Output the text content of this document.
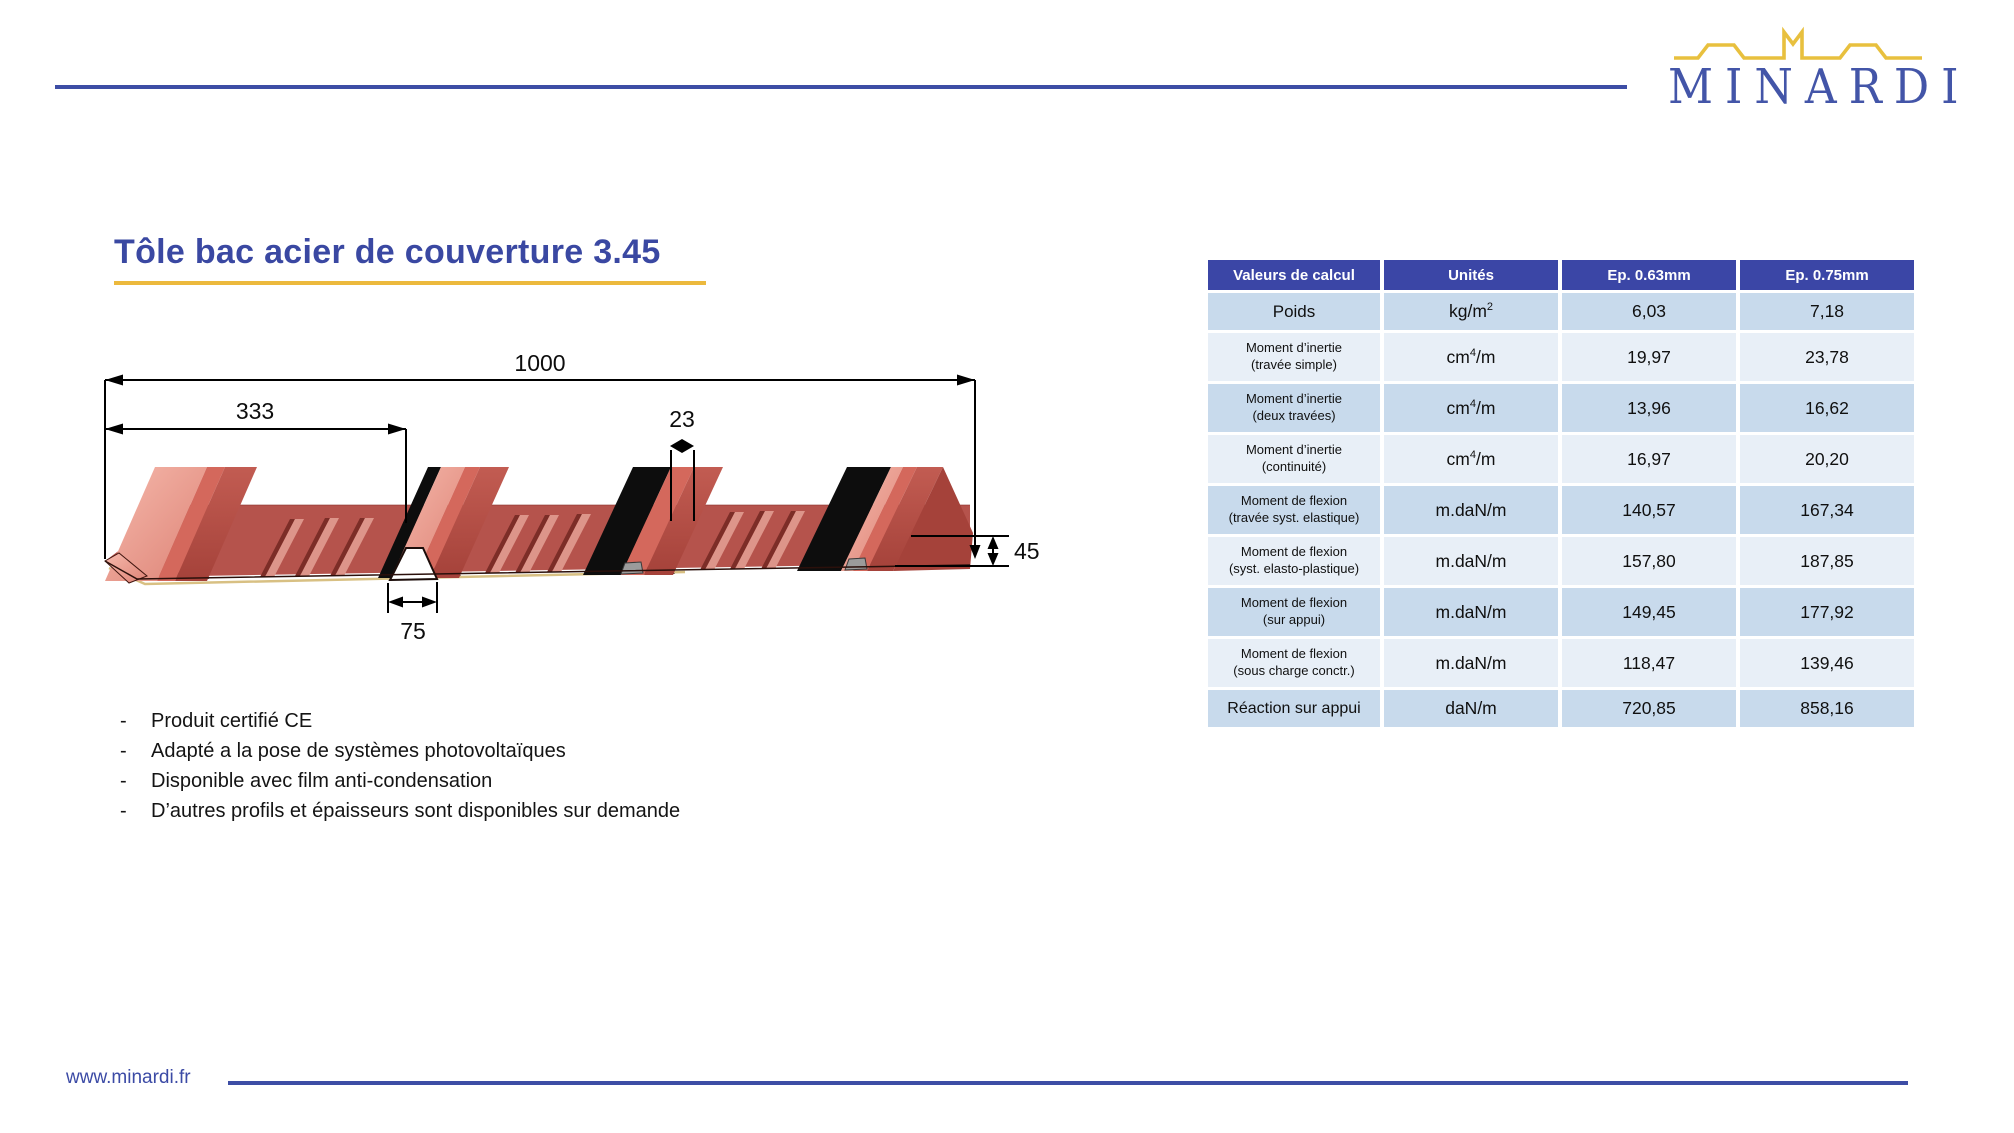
MINARDI
Tôle bac acier de couverture 3.45
1000
333	23
45
75
-	Produit certifié CE
-	Adapté a la pose de systèmes photovoltaïques
-	Disponible avec film anti-condensation
-	D’autres profils et épaisseurs sont disponibles sur demande
Valeurs de calcul	Unités	Ep. 0.63mm	Ep. 0.75mm

Poids	$kg/m^2$	6,03	7,18

Moment d’inertie
(travée simple)	$cm^4/m$	19,97	23,78

Moment d’inertie
(deux travées)	$cm^4/m$	13,96	16,62

Moment d’inertie
(continuité)	$cm^4/m$	16,97	20,20

Moment de flexion
(travée syst. elastique)	m.daN/m	140,57	167,34

Moment de flexion
(syst. elasto-plastique)	m.daN/m	157,80	187,85

Moment de flexion
(sur appui)	m.daN/m	149,45	177,92

Moment de flexion
(sous charge conctr.)	m.daN/m	118,47	139,46

Réaction sur appui	daN/m	720,85	858,16
www.minardi.fr
